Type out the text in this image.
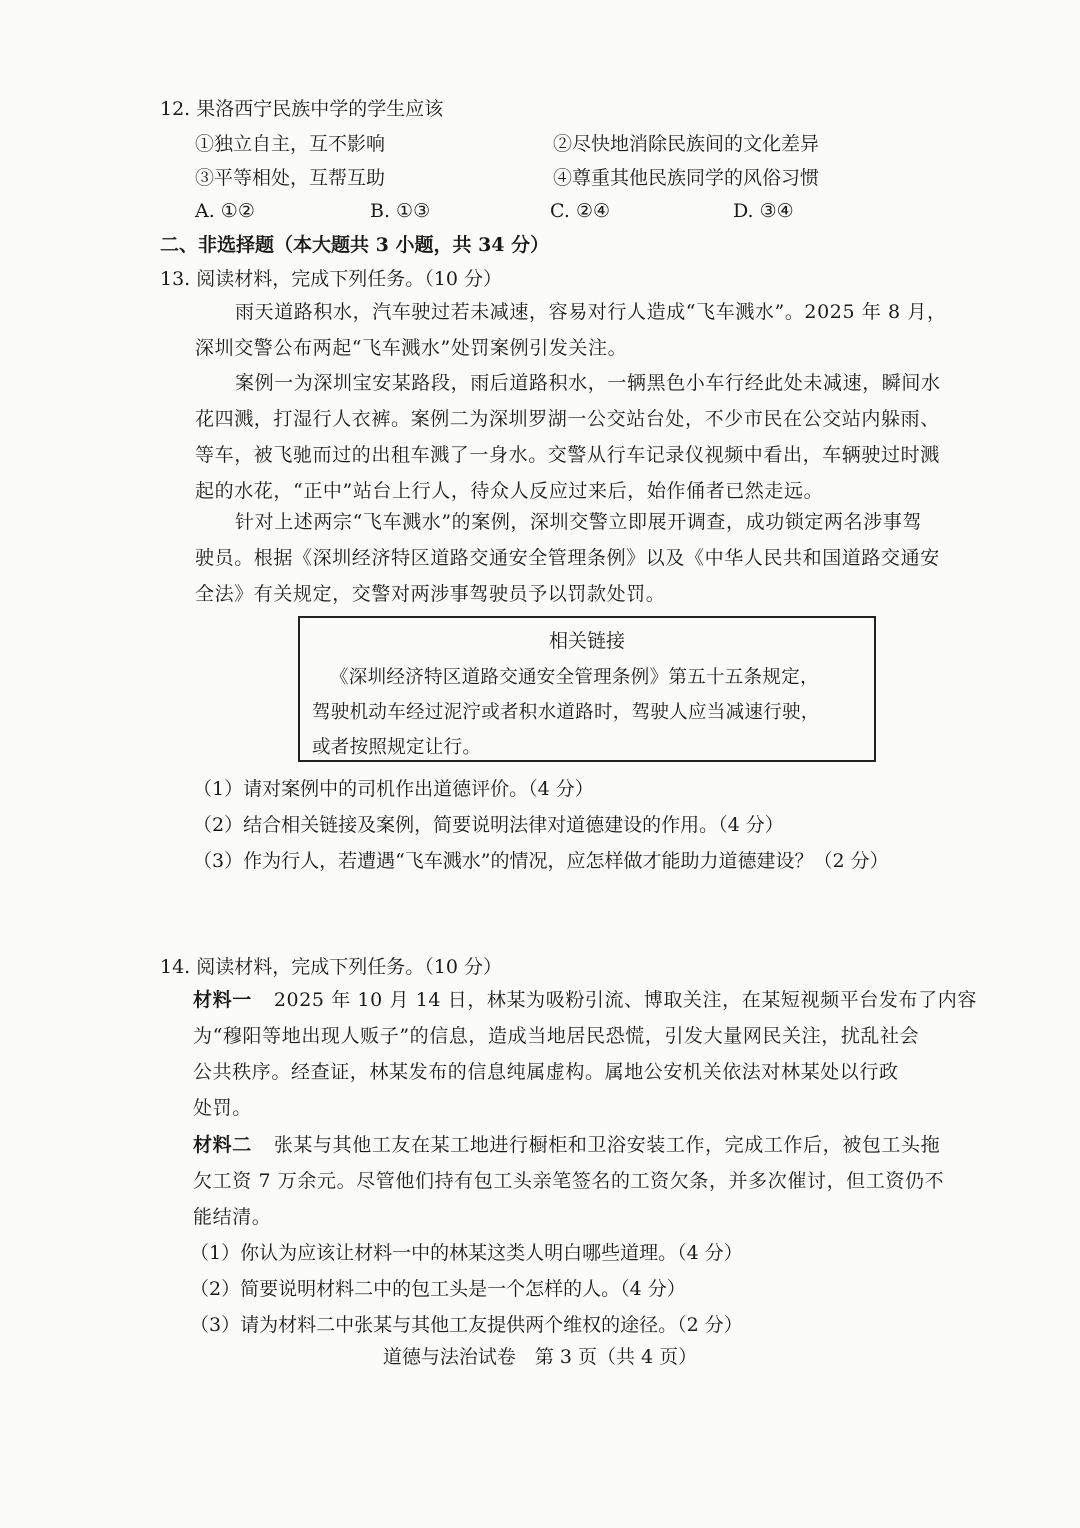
12. 果洛西宁民族中学的学生应该
①独立自主，互不影响	②尽快地消除民族间的文化差异
③平等相处，互帮互助	④尊重其他民族同学的风俗习惯
A. ①②	B. ①③	C. ②④	D. ③④
二、非选择题（本大题共 3 小题，共 34 分）
13. 阅读材料，完成下列任务。（10 分）
雨天道路积水，汽车驶过若未减速，容易对行人造成“飞车溅水”。2025 年 8 月，
深圳交警公布两起“飞车溅水”处罚案例引发关注。
案例一为深圳宝安某路段，雨后道路积水，一辆黑色小车行经此处未减速，瞬间水
花四溅，打湿行人衣裤。案例二为深圳罗湖一公交站台处，不少市民在公交站内躲雨、
等车，被飞驰而过的出租车溅了一身水。交警从行车记录仪视频中看出，车辆驶过时溅
起的水花，“正中”站台上行人，待众人反应过来后，始作俑者已然走远。
针对上述两宗“飞车溅水”的案例，深圳交警立即展开调查，成功锁定两名涉事驾
驶员。根据《深圳经济特区道路交通安全管理条例》以及《中华人民共和国道路交通安
全法》有关规定，交警对两涉事驾驶员予以罚款处罚。
相关链接
《深圳经济特区道路交通安全管理条例》第五十五条规定，
驾驶机动车经过泥泞或者积水道路时，驾驶人应当减速行驶，
或者按照规定让行。
（1）请对案例中的司机作出道德评价。（4 分）
（2）结合相关链接及案例，简要说明法律对道德建设的作用。（4 分）
（3）作为行人，若遭遇“飞车溅水”的情况，应怎样做才能助力道德建设？（2 分）
14. 阅读材料，完成下列任务。（10 分）
材料一 2025 年 10 月 14 日，林某为吸粉引流、博取关注，在某短视频平台发布了内容
为“穆阳等地出现人贩子”的信息，造成当地居民恐慌，引发大量网民关注，扰乱社会
公共秩序。经查证，林某发布的信息纯属虚构。属地公安机关依法对林某处以行政
处罚。
材料二 张某与其他工友在某工地进行橱柜和卫浴安装工作，完成工作后，被包工头拖
欠工资 7 万余元。尽管他们持有包工头亲笔签名的工资欠条，并多次催讨，但工资仍不
能结清。
（1）你认为应该让材料一中的林某这类人明白哪些道理。（4 分）
（2）简要说明材料二中的包工头是一个怎样的人。（4 分）
（3）请为材料二中张某与其他工友提供两个维权的途径。（2 分）
道德与法治试卷　第 3 页（共 4 页）
